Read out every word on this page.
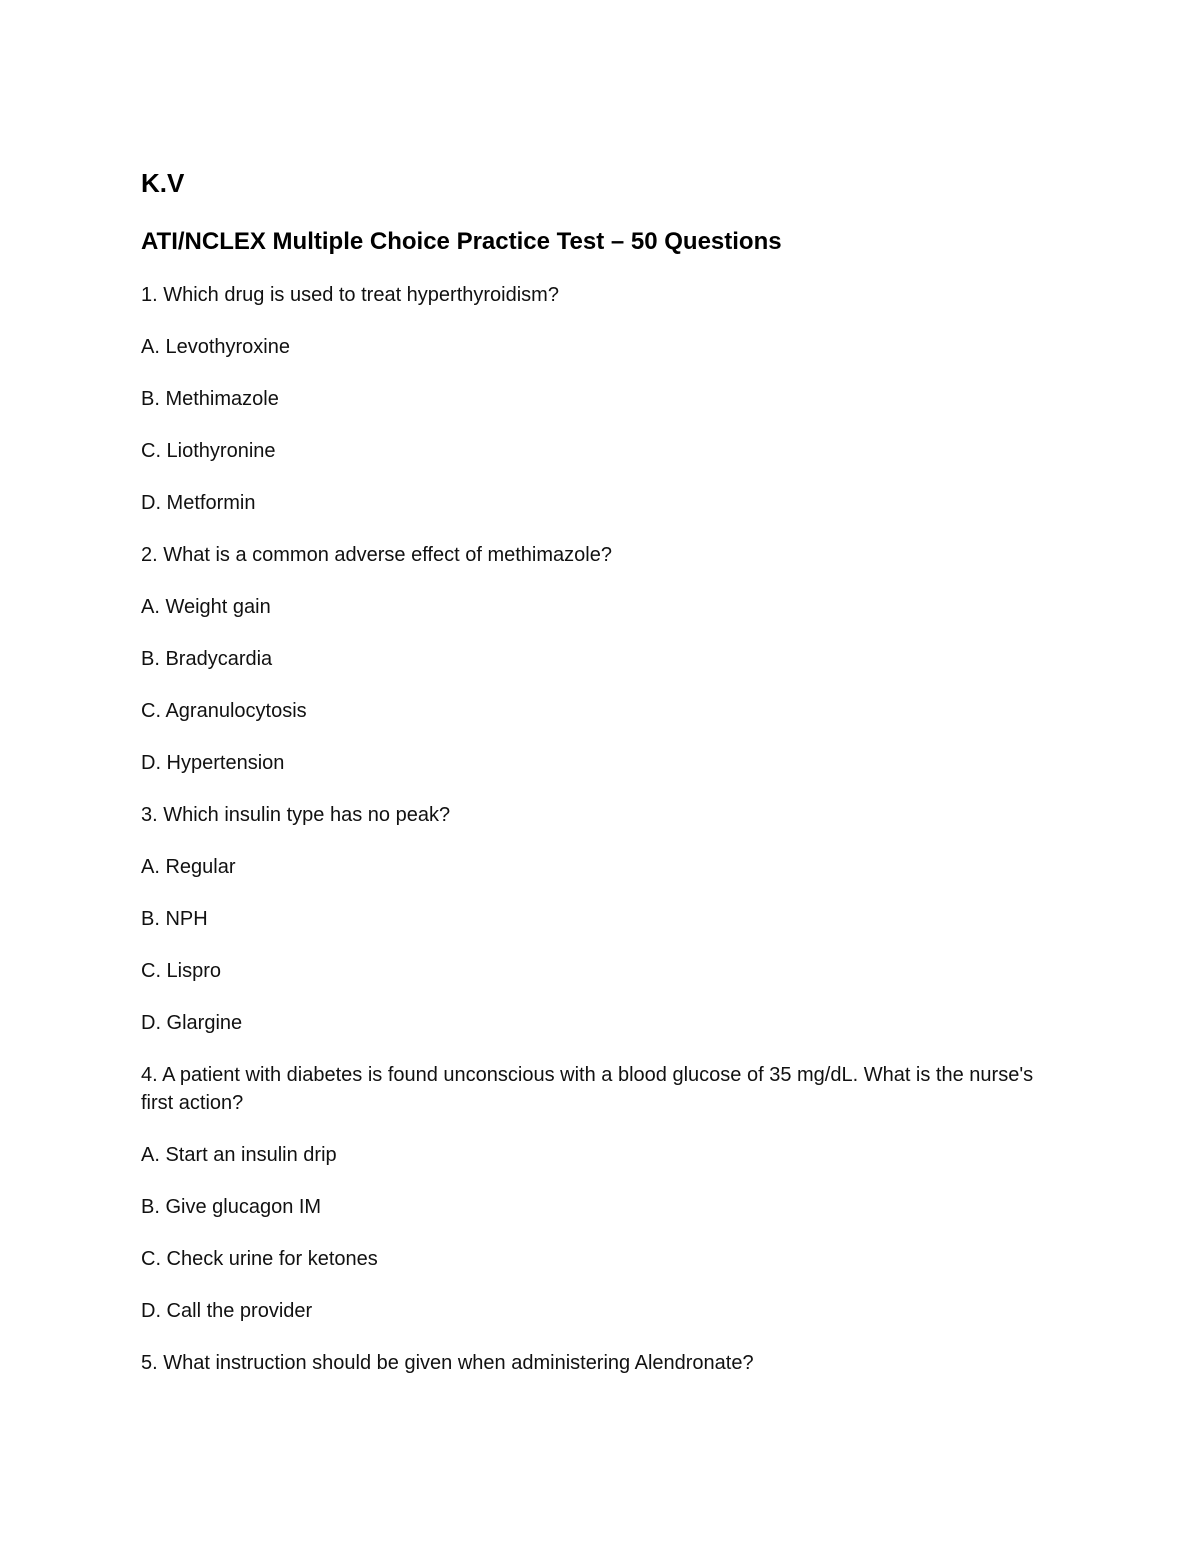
K.V

ATI/NCLEX Multiple Choice Practice Test – 50 Questions

1. Which drug is used to treat hyperthyroidism?

A. Levothyroxine

B. Methimazole

C. Liothyronine

D. Metformin

2. What is a common adverse effect of methimazole?

A. Weight gain

B. Bradycardia

C. Agranulocytosis

D. Hypertension

3. Which insulin type has no peak?

A. Regular

B. NPH

C. Lispro

D. Glargine

4. A patient with diabetes is found unconscious with a blood glucose of 35 mg/dL. What is the nurse's first action?

A. Start an insulin drip

B. Give glucagon IM

C. Check urine for ketones

D. Call the provider

5. What instruction should be given when administering Alendronate?
